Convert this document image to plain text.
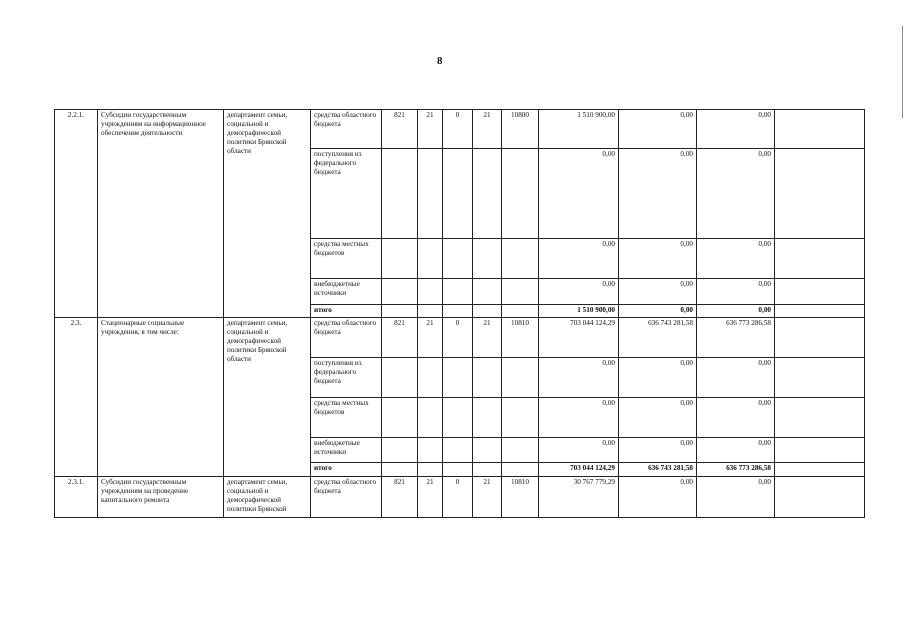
8
2.2.1.	Субсидии государственным учреждениям на информационное обеспечение деятельности	департамент семьи, социальной и демографической политики Брянской области	средства областного бюджета	821	21	0	21	10800	1 510 900,00	0,00	0,00	
			поступления из федерального бюджета						0,00	0,00	0,00	
			средства местных бюджетов						0,00	0,00	0,00	
			внебюджетные источники						0,00	0,00	0,00	
			итого						1 510 900,00	0,00	0,00	
2.3.	Стационарные социальные учреждения, в том числе:	департамент семьи, социальной и демографической политики Брянской области	средства областного бюджета	821	21	0	21	10810	703 044 124,29	636 743 281,58	636 773 286,58	
			поступления из федерального бюджета						0,00	0,00	0,00	
			средства местных бюджетов						0,00	0,00	0,00	
			внебюджетные источники						0,00	0,00	0,00	
			итого						703 044 124,29	636 743 281,58	636 773 286,58	
2.3.1.	Субсидии государственным учреждениям на проведение капитального ремонта	департамент семьи, социальной и демографической политики Брянской	средства областного бюджета	821	21	0	21	10810	30 767 779,29	0,00	0,00	
